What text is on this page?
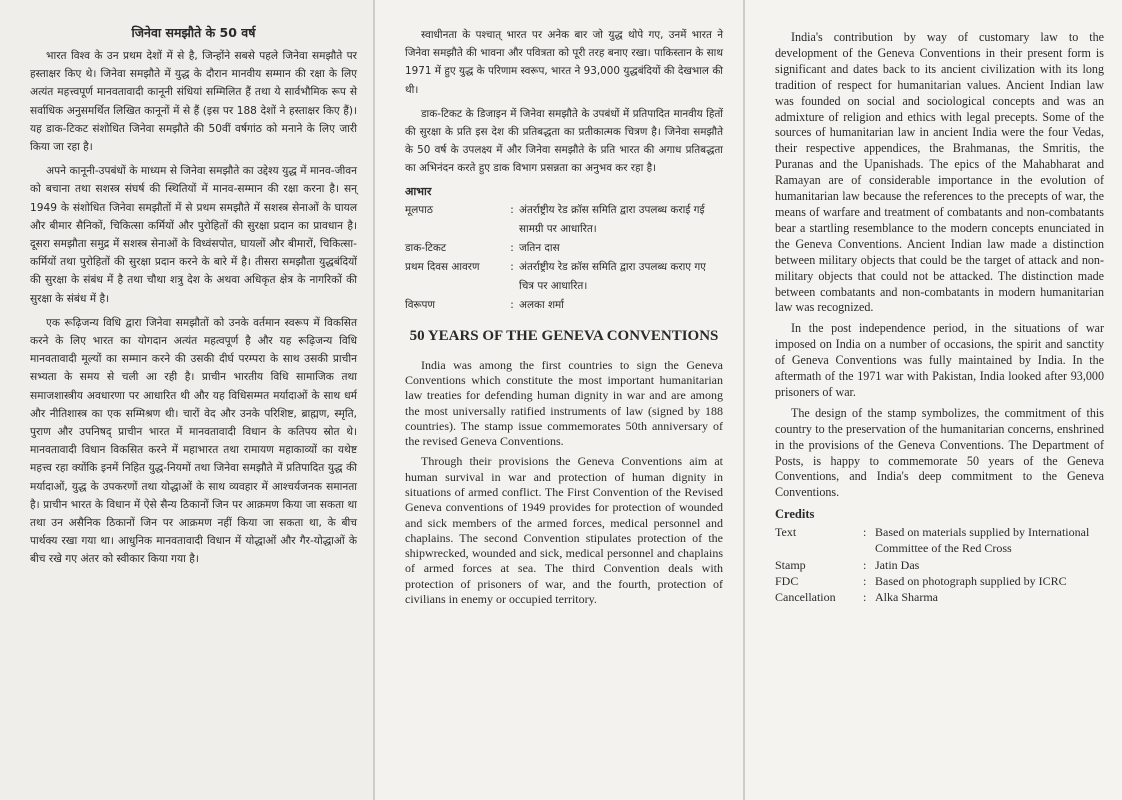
जिनेवा समझौते के 50 वर्ष

भारत विश्व के उन प्रथम देशों में से है, जिन्होंने सबसे पहले जिनेवा समझौते पर हस्ताक्षर किए थे। जिनेवा समझौते में युद्ध के दौरान मानवीय सम्मान की रक्षा के लिए अत्यंत महत्त्वपूर्ण मानवतावादी कानूनी संधियां सम्मिलित हैं तथा ये सार्वभौमिक रूप से सर्वाधिक अनुसमर्थित लिखित कानूनों में से हैं (इस पर 188 देशों ने हस्ताक्षर किए हैं)। यह डाक-टिकट संशोधित जिनेवा समझौते की 50वीं वर्षगांठ को मनाने के लिए जारी किया जा रहा है।

अपने कानूनी-उपबंधों के माध्यम से जिनेवा समझौते का उद्देश्य युद्ध में मानव-जीवन को बचाना तथा सशस्त्र संघर्ष की स्थितियों में मानव-सम्मान की रक्षा करना है। सन् 1949 के संशोधित जिनेवा समझौतों में से प्रथम समझौते में सशस्त्र सेनाओं के घायल और बीमार सैनिकों, चिकित्सा कर्मियों और पुरोहितों की सुरक्षा प्रदान का प्रावधान है। दूसरा समझौता समुद्र में सशस्त्र सेनाओं के विध्वंसपोत, घायलों और बीमारों, चिकित्सा-कर्मियों तथा पुरोहितों की सुरक्षा प्रदान करने के बारे में है। तीसरा समझौता युद्धबंदियों की सुरक्षा के संबंध में है तथा चौथा शत्रु देश के अथवा अधिकृत क्षेत्र के नागरिकों की सुरक्षा के संबंध में है।

एक रूढ़िजन्य विधि द्वारा जिनेवा समझौतों को उनके वर्तमान स्वरूप में विकसित करने के लिए भारत का योगदान अत्यंत महत्वपूर्ण है और यह रूढ़िजन्य विधि मानवतावादी मूल्यों का सम्मान करने की उसकी दीर्घ परम्परा के साथ उसकी प्राचीन सभ्यता के समय से चली आ रही है। प्राचीन भारतीय विधि सामाजिक तथा समाजशास्त्रीय अवधारणा पर आधारित थी और यह विधिसम्मत मर्यादाओं के साथ धर्म और नीतिशास्त्र का एक सम्मिश्रण थी। चारों वेद और उनके परिशिष्ट, ब्राह्मण, स्मृति, पुराण और उपनिषद् प्राचीन भारत में मानवतावादी विधान के कतिपय स्रोत थे। मानवतावादी विधान विकसित करने में महाभारत तथा रामायण महाकाव्यों का यथेष्ट महत्त्व रहा क्योंकि इनमें निहित युद्ध-नियमों तथा जिनेवा समझौते में प्रतिपादित युद्ध की मर्यादाओं, युद्ध के उपकरणों तथा योद्धाओं के साथ व्यवहार में आश्चर्यजनक समानता है। प्राचीन भारत के विधान में ऐसे सैन्य ठिकानों जिन पर आक्रमण किया जा सकता था तथा उन असैनिक ठिकानों जिन पर आक्रमण नहीं किया जा सकता था, के बीच पार्थक्य रखा गया था। आधुनिक मानवतावादी विधान में योद्धाओं और गैर-योद्धाओं के बीच रखे गए अंतर को स्वीकार किया गया है।

स्वाधीनता के पश्चात् भारत पर अनेक बार जो युद्ध थोपे गए, उनमें भारत ने जिनेवा समझौते की भावना और पवित्रता को पूरी तरह बनाए रखा। पाकिस्तान के साथ 1971 में हुए युद्ध के परिणाम स्वरूप, भारत ने 93,000 युद्धबंदियों की देखभाल की थी।

डाक-टिकट के डिजाइन में जिनेवा समझौते के उपबंधों में प्रतिपादित मानवीय हितों की सुरक्षा के प्रति इस देश की प्रतिबद्धता का प्रतीकात्मक चित्रण है। जिनेवा समझौते के 50 वर्ष के उपलक्ष्य में और जिनेवा समझौते के प्रति भारत की अगाध प्रतिबद्धता का अभिनंदन करते हुए डाक विभाग प्रसन्नता का अनुभव कर रहा है।

आभार
मूलपाठ	:	अंतर्राष्ट्रीय रेड क्रॉस समिति द्वारा उपलब्ध कराई गई सामग्री पर आधारित।
डाक-टिकट	:	जतिन दास
प्रथम दिवस आवरण	:	अंतर्राष्ट्रीय रेड क्रॉस समिति द्वारा उपलब्ध कराए गए चित्र पर आधारित।
विरूपण	:	अलका शर्मा
50 YEARS OF THE GENEVA CONVENTIONS

India was among the first countries to sign the Geneva Conventions which constitute the most important humanitarian law treaties for defending human dignity in war and are among the most universally ratified instruments of law (signed by 188 countries). The stamp issue commemorates 50th anniversary of the revised Geneva Conventions.

Through their provisions the Geneva Conventions aim at human survival in war and protection of human dignity in situations of armed conflict. The First Convention of the Revised Geneva conventions of 1949 provides for protection of wounded and sick members of the armed forces, medical personnel and chaplains. The second Convention stipulates protection of the shipwrecked, wounded and sick, medical personnel and chaplains of armed forces at sea. The third Convention deals with protection of prisoners of war, and the fourth, protection of civilians in enemy or occupied territory.

India's contribution by way of customary law to the development of the Geneva Conventions in their present form is significant and dates back to its ancient civilization with its long tradition of respect for humanitarian values. Ancient Indian law was founded on social and sociological concepts and was an admixture of religion and ethics with legal precepts. Some of the sources of humanitarian law in ancient India were the four Vedas, their respective appendices, the Brahmanas, the Smritis, the Puranas and the Upanishads. The epics of the Mahabharat and Ramayan are of considerable importance in the evolution of humanitarian law because the references to the precepts of war, the means of warfare and treatment of combatants and non-combatants bear a startling resemblance to the modern concepts enunciated in the Geneva Conventions. Ancient Indian law made a distinction between military objects that could be the target of attack and non-military objects that could not be attacked. The distinction made between combatants and non-combatants in modern humanitarian law was recognized.

In the post independence period, in the situations of war imposed on India on a number of occasions, the spirit and sanctity of Geneva Conventions was fully maintained by India. In the aftermath of the 1971 war with Pakistan, India looked after 93,000 prisoners of war.

The design of the stamp symbolizes, the commitment of this country to the preservation of the humanitarian concerns, enshrined in the provisions of the Geneva Conventions. The Department of Posts, is happy to commemorate 50 years of the Geneva Conventions, and India's deep commitment to the Geneva Conventions.

Credits
Text	:	Based on materials supplied by International Committee of the Red Cross
Stamp	:	Jatin Das
FDC	:	Based on photograph supplied by ICRC
Cancellation	:	Alka Sharma
